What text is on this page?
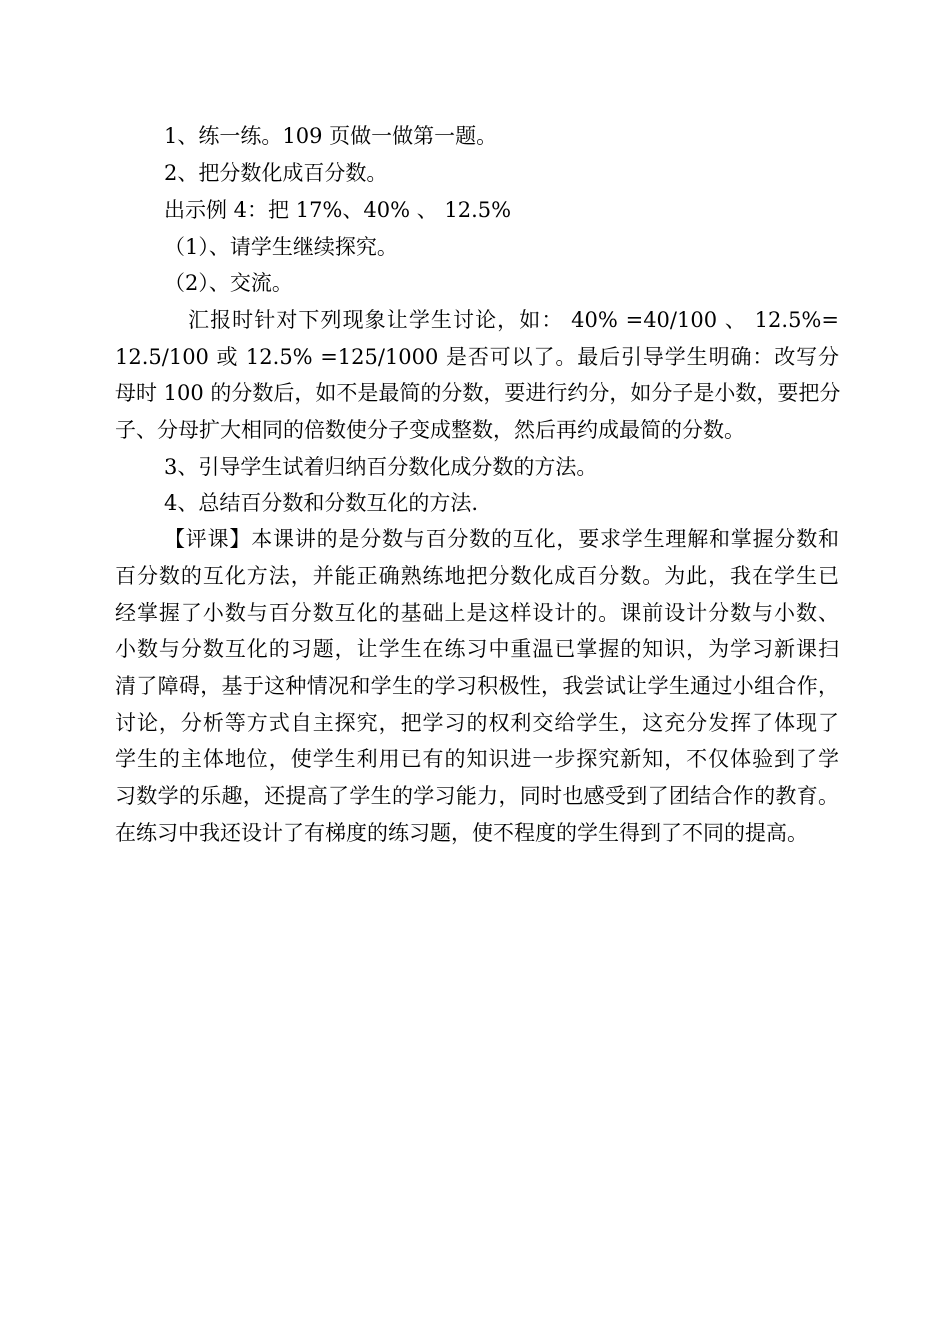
1、练一练。109 页做一做第一题。
2、把分数化成百分数。
出示例 4：把 17%、40% 、 12.5%
（1）、请学生继续探究。
（2）、交流。
汇报时针对下列现象让学生讨论，如： 40% =40/100 、 12.5%=
12.5/100 或 12.5% =125/1000 是否可以了。最后引导学生明确：改写分
母时 100 的分数后，如不是最简的分数，要进行约分，如分子是小数，要把分
子、分母扩大相同的倍数使分子变成整数，然后再约成最简的分数。
3、引导学生试着归纳百分数化成分数的方法。
4、总结百分数和分数互化的方法.
【评课】本课讲的是分数与百分数的互化，要求学生理解和掌握分数和
百分数的互化方法，并能正确熟练地把分数化成百分数。为此，我在学生已
经掌握了小数与百分数互化的基础上是这样设计的。课前设计分数与小数、
小数与分数互化的习题，让学生在练习中重温已掌握的知识，为学习新课扫
清了障碍，基于这种情况和学生的学习积极性，我尝试让学生通过小组合作，
讨论，分析等方式自主探究，把学习的权利交给学生，这充分发挥了体现了
学生的主体地位，使学生利用已有的知识进一步探究新知，不仅体验到了学
习数学的乐趣，还提高了学生的学习能力，同时也感受到了团结合作的教育。
在练习中我还设计了有梯度的练习题，使不程度的学生得到了不同的提高。
